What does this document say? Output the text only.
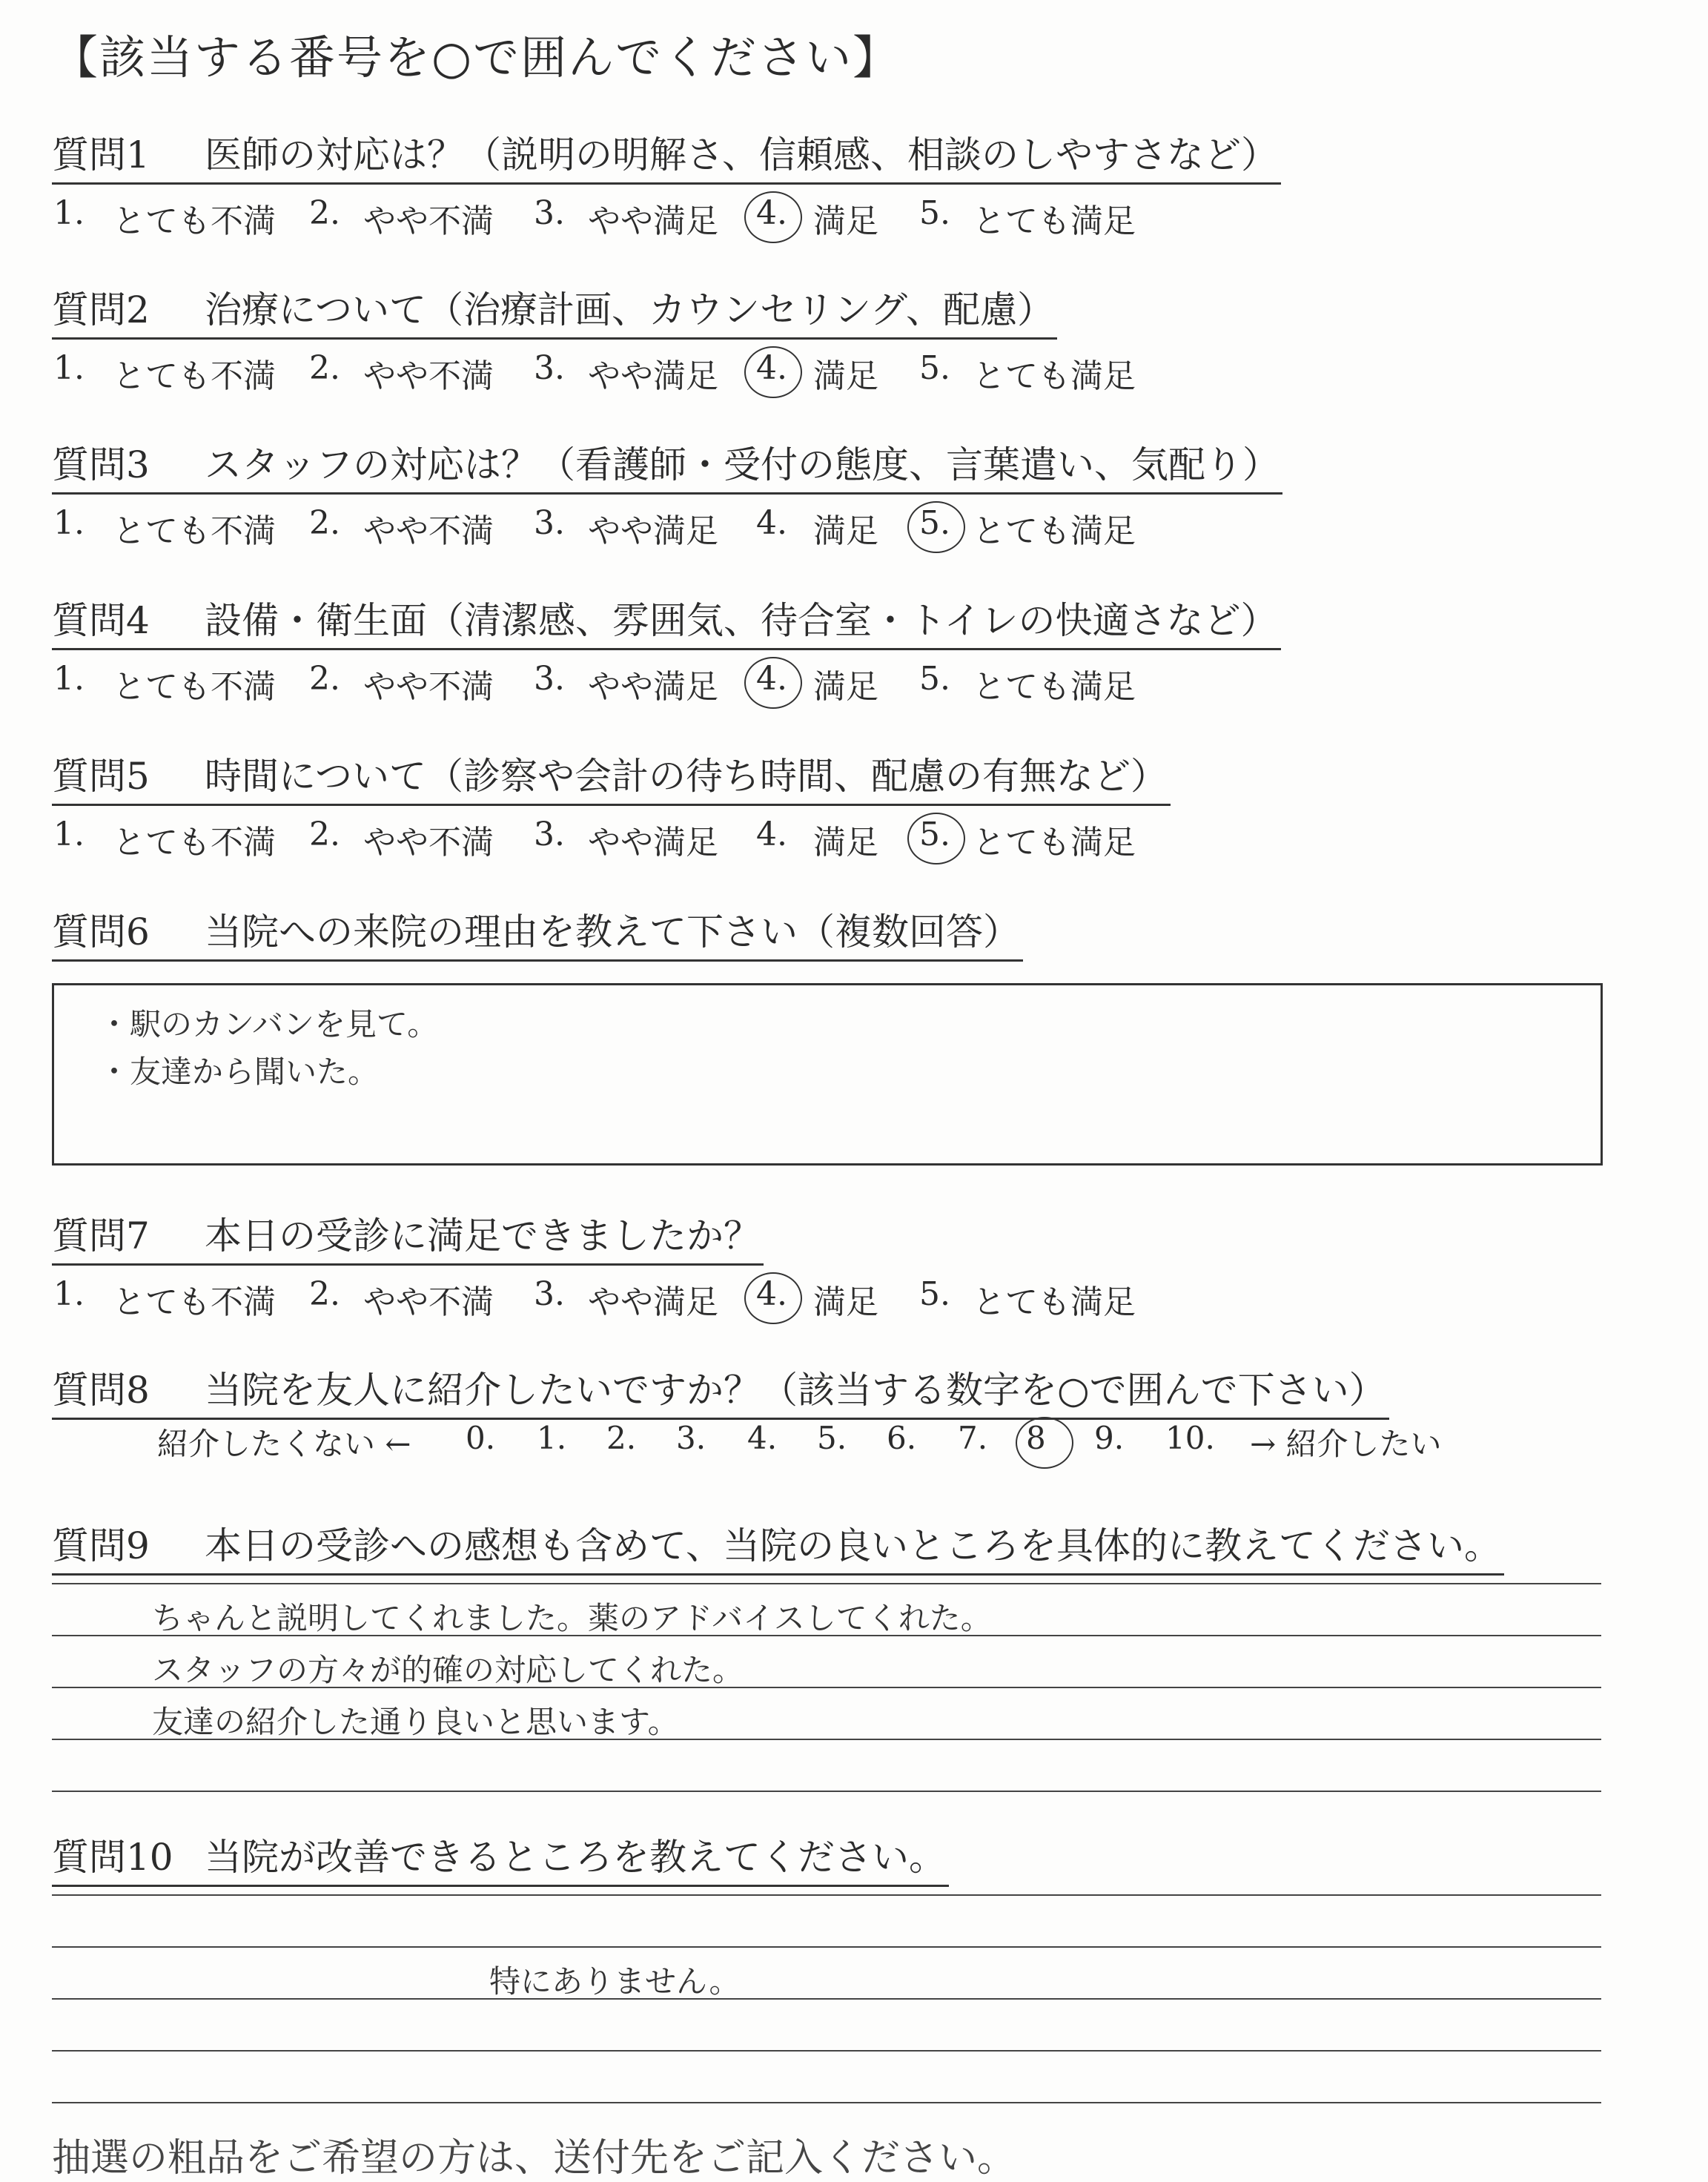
【該当する番号を○で囲んでください】
質問1 医師の対応は？（説明の明解さ、信頼感、相談のしやすさなど）
1. とても不満 2. やや不満 3. やや満足 4. 満足 5. とても満足
質問2 治療について（治療計画、カウンセリング、配慮）
1. とても不満 2. やや不満 3. やや満足 4. 満足 5. とても満足
質問3 スタッフの対応は？（看護師・受付の態度、言葉遣い、気配り）
1. とても不満 2. やや不満 3. やや満足 4. 満足 5. とても満足
質問4 設備・衛生面（清潔感、雰囲気、待合室・トイレの快適さなど）
1. とても不満 2. やや不満 3. やや満足 4. 満足 5. とても満足
質問5 時間について（診察や会計の待ち時間、配慮の有無など）
1. とても不満 2. やや不満 3. やや満足 4. 満足 5. とても満足
質問6 当院への来院の理由を教えて下さい（複数回答）
質問7 本日の受診に満足できましたか？
1. とても不満 2. やや不満 3. やや満足 4. 満足 5. とても満足
質問8 当院を友人に紹介したいですか？（該当する数字を○で囲んで下さい）
質問9 本日の受診への感想も含めて、当院の良いところを具体的に教えてください。
質問10 当院が改善できるところを教えてください。
・駅のカンバンを見て。
・友達から聞いた。
紹介したくない ← 0. 1. 2. 3. 4. 5. 6. 7. 8 9. 10. → 紹介したい
ちゃんと説明してくれました。薬のアドバイスしてくれた。
スタッフの方々が的確の対応してくれた。
友達の紹介した通り良いと思います。
特にありません。
抽選の粗品をご希望の方は、送付先をご記入ください。
